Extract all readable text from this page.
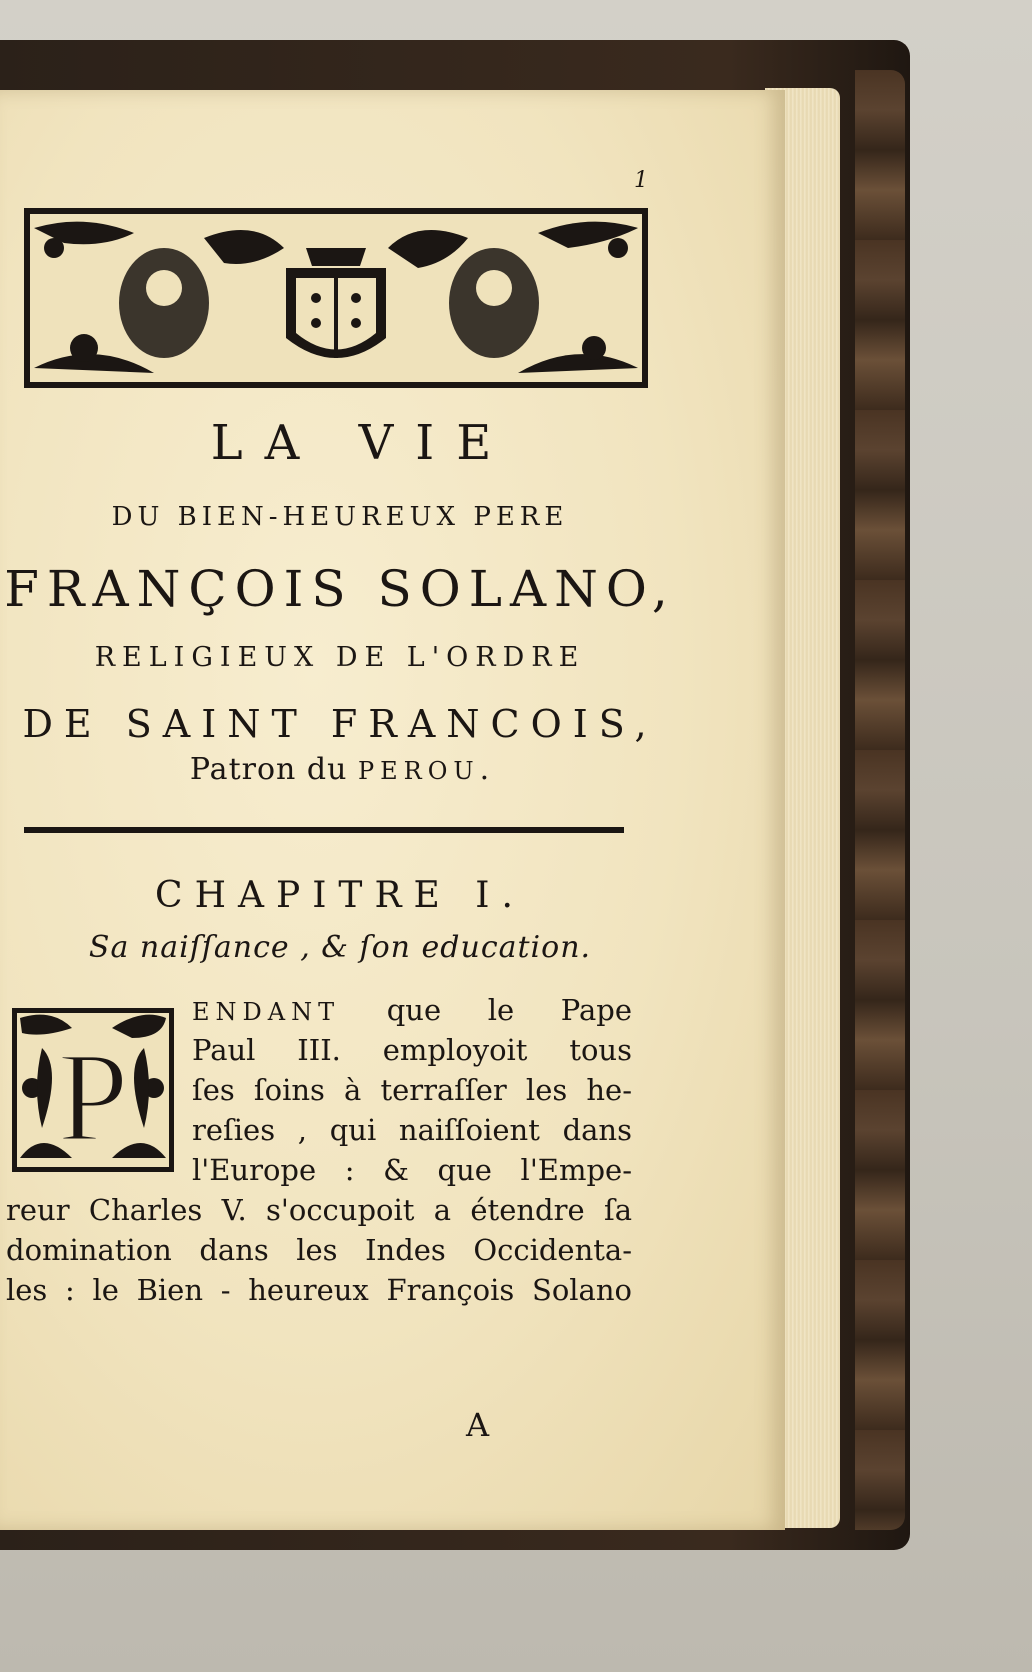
1
LA VIE
DU BIEN-HEUREUX PERE
FRANÇOIS SOLANO,
RELIGIEUX DE L'ORDRE
DE SAINT FRANCOIS,
Patron du PEROU.
CHAPITRE I.
Sa naiſſance , & ſon education.
P
ENDANT que le Pape
Paul III. employoit tous
ſes ſoins à terraſſer les he-
reſies , qui naiſſoient dans
l'Europe : & que l'Empe-
reur Charles V. s'occupoit a étendre ſa
domination dans les Indes Occidenta-
les : le Bien - heureux François Solano
A
